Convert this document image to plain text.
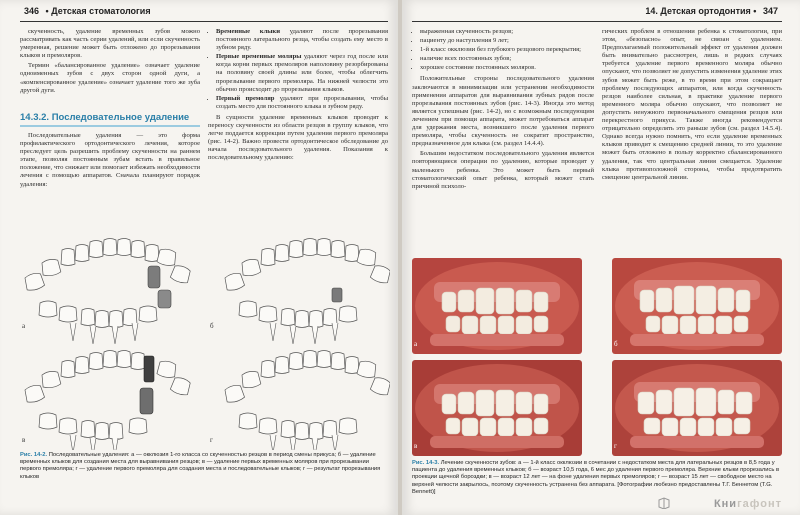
346 • Детская стоматология

скученность, удаление временных зубов можно рассматривать как часть серии удалений, или если скученность умеренная, решение может быть отложено до прорезывания клыков и премоляров.

Термин «балансированное удаление» означает удаление одноименных зубов с двух сторон одной дуги, а «компенсированное удаление» означает удаление того же зуба другой дуги.

14.3.2. Последовательное удаление

Последовательные удаления — это форма профилактического ортодонтического лечения, которое преследует цель разрешить проблему скученности на раннем этапе, позволяя постоянным зубам встать в правильное положение, что снижает или помогает избежать необходимости лечения с помощью аппаратов. Сначала планируют порядок удаления:

• Временные клыки удаляют после прорезывания постоянного латерального резца, чтобы создать ему место в зубном ряду.
• Первые временные моляры удаляют через год после или когда корни первых премоляров наполовину резорбированы на половину своей длины или более, чтобы облегчить прорезывание первого премоляра. На нижней челюсти это обычно происходит до прорезывания клыков.
• Первый премоляр удаляют при прорезывании, чтобы создать место для постоянного клыка в зубном ряду.

В сущности удаление временных клыков проводят к переносу скученности из области резцов в группу клыков, что легче поддается коррекции путем удаления первого премоляра (рис. 14-2). Важно провести ортодонтическое обследование до начала последовательного удаления. Показания к последовательному удалению:

а	б
в	г
Рис. 14-2. Последовательные удаления: а — окклюзия 1-го класса со скученностью резцов в период смены прикуса; б — удаление временных клыков для создания места для выравнивания резцов; в — удаление первых временных моляров при прорезывании первого премоляра; г — удаление первого премоляра для создания места и последовательные клыков; г — результат прорезывания клыков
14. Детская ортодонтия • 347
• выраженная скученность резцов;
• пациенту до наступления 9 лет;
• 1-й класс окклюзии без глубокого резцового перекрытия;
• наличие всех постоянных зубов;
• хорошее состояние постоянных моляров.

Положительные стороны последовательного удаления заключаются в минимизации или устранении необходимости применения аппаратов для выравнивания зубных рядов после прорезывания постоянных зубов (рис. 14-3). Иногда это метод является успешным (рис. 14-2), но с возможным последующим лечением при помощи аппарата, может потребоваться аппарат для удержания места, возникшего после удаления первого премоляра, чтобы скученность не сократит пространство, предназначенное для клыка (см. раздел 14.4.4).

Большим недостатком последовательного удаления является повторяющиеся операции по удалению, которые проводят у маленького ребенка. Это может быть первый стоматологический опыт ребенка, который может стать причиной психоло-

гических проблем в отношении ребенка к стоматологии, при этом, «безопасно» опыт, не связан с удалением. Предполагаемый положительный эффект от удаления должен быть внимательно рассмотрен, лишь в редких случаях требуется удаление первого временного моляра обычно опускают, что позволяет не допустить изменения удаление этих зубов может быть реже, в то время при этом сокращает проблему последующих аппаратов, или когда скученность резцов наиболее сильная, в практике удаление первого временного моляра обычно опускают, что позволяет не допустить ненужного первоначального смещения резцов или перекрестного прикуса. Также иногда рекомендуется отрицательно определять это раньше зубов (см. раздел 14.5.4). Однако всегда нужно помнить, что если удаление временных клыков приводит к смещению средней линии, то это удаление может быть отложено в пользу корректно сбалансированного удаления, так что центральная линия смещается. Удаление клыка противоположной стороны, чтобы предотвратить смещение центральной линии.

а	б
в	г
Рис. 14-3. Лечение скученности зубов: а — 1-й класс окклюзии в сочетании с недостатком места для латеральных резцов в 8,5 года у пациента до удаления временных клыков; б — возраст 10,5 года, 6 мес до удаления первого премоляра. Верхние клыки прорезались в проекции щечной бороздки; в — возраст 12 лет — на фоне удаления первых премоляров; г — возраст 15 лет — свободное место на верхней челюсти закрылось, поэтому скученность устранена без аппарата. [Фотографии любезно предоставлены Т.Г. Беннетом (T.G. Bennett)]
Книгафонт
